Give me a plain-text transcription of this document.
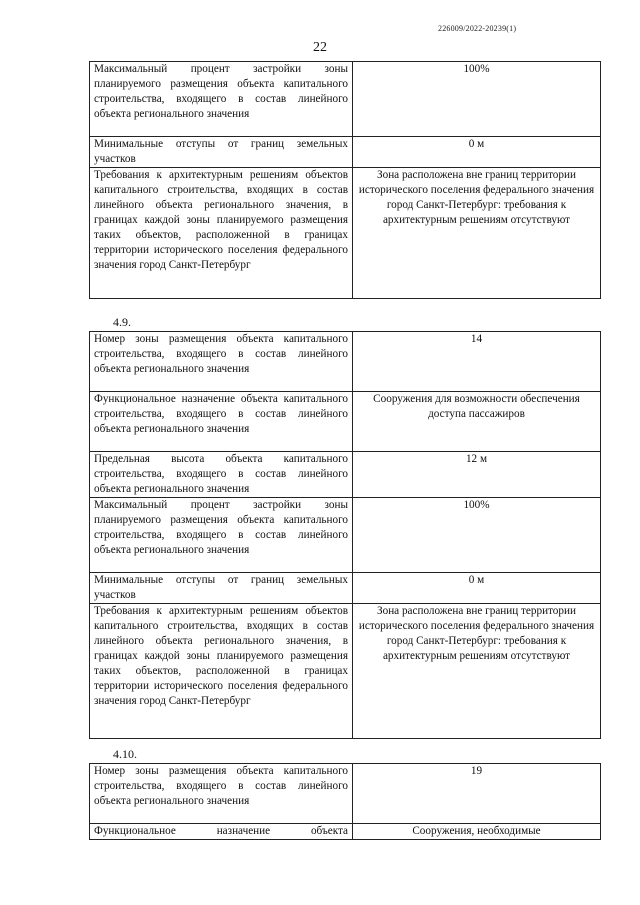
226009/2022-20239(1)
22
Максимальный процент застройки зоны планируемого размещения объекта капитального строительства, входящего в состав линейного объекта регионального значения	100%
Минимальные отступы от границ земельных участков	0 м
Требования к архитектурным решениям объектов капитального строительства, входящих в состав линейного объекта регионального значения, в границах каждой зоны планируемого размещения таких объектов, расположенной в границах территории исторического поселения федерального значения город Санкт-Петербург	Зона расположена вне границ территории исторического поселения федерального значения город Санкт-Петербург: требования к архитектурным решениям отсутствуют
4.9.
Номер зоны размещения объекта капитального строительства, входящего в состав линейного объекта регионального значения	14
Функциональное назначение объекта капитального строительства, входящего в состав линейного объекта регионального значения	Сооружения для возможности обеспечения доступа пассажиров
Предельная высота объекта капитального строительства, входящего в состав линейного объекта регионального значения	12 м
Максимальный процент застройки зоны планируемого размещения объекта капитального строительства, входящего в состав линейного объекта регионального значения	100%
Минимальные отступы от границ земельных участков	0 м
Требования к архитектурным решениям объектов капитального строительства, входящих в состав линейного объекта регионального значения, в границах каждой зоны планируемого размещения таких объектов, расположенной в границах территории исторического поселения федерального значения город Санкт-Петербург	Зона расположена вне границ территории исторического поселения федерального значения город Санкт-Петербург: требования к архитектурным решениям отсутствуют
4.10.
Номер зоны размещения объекта капитального строительства, входящего в состав линейного объекта регионального значения	19
Функциональное назначение объекта	Сооружения, необходимые
